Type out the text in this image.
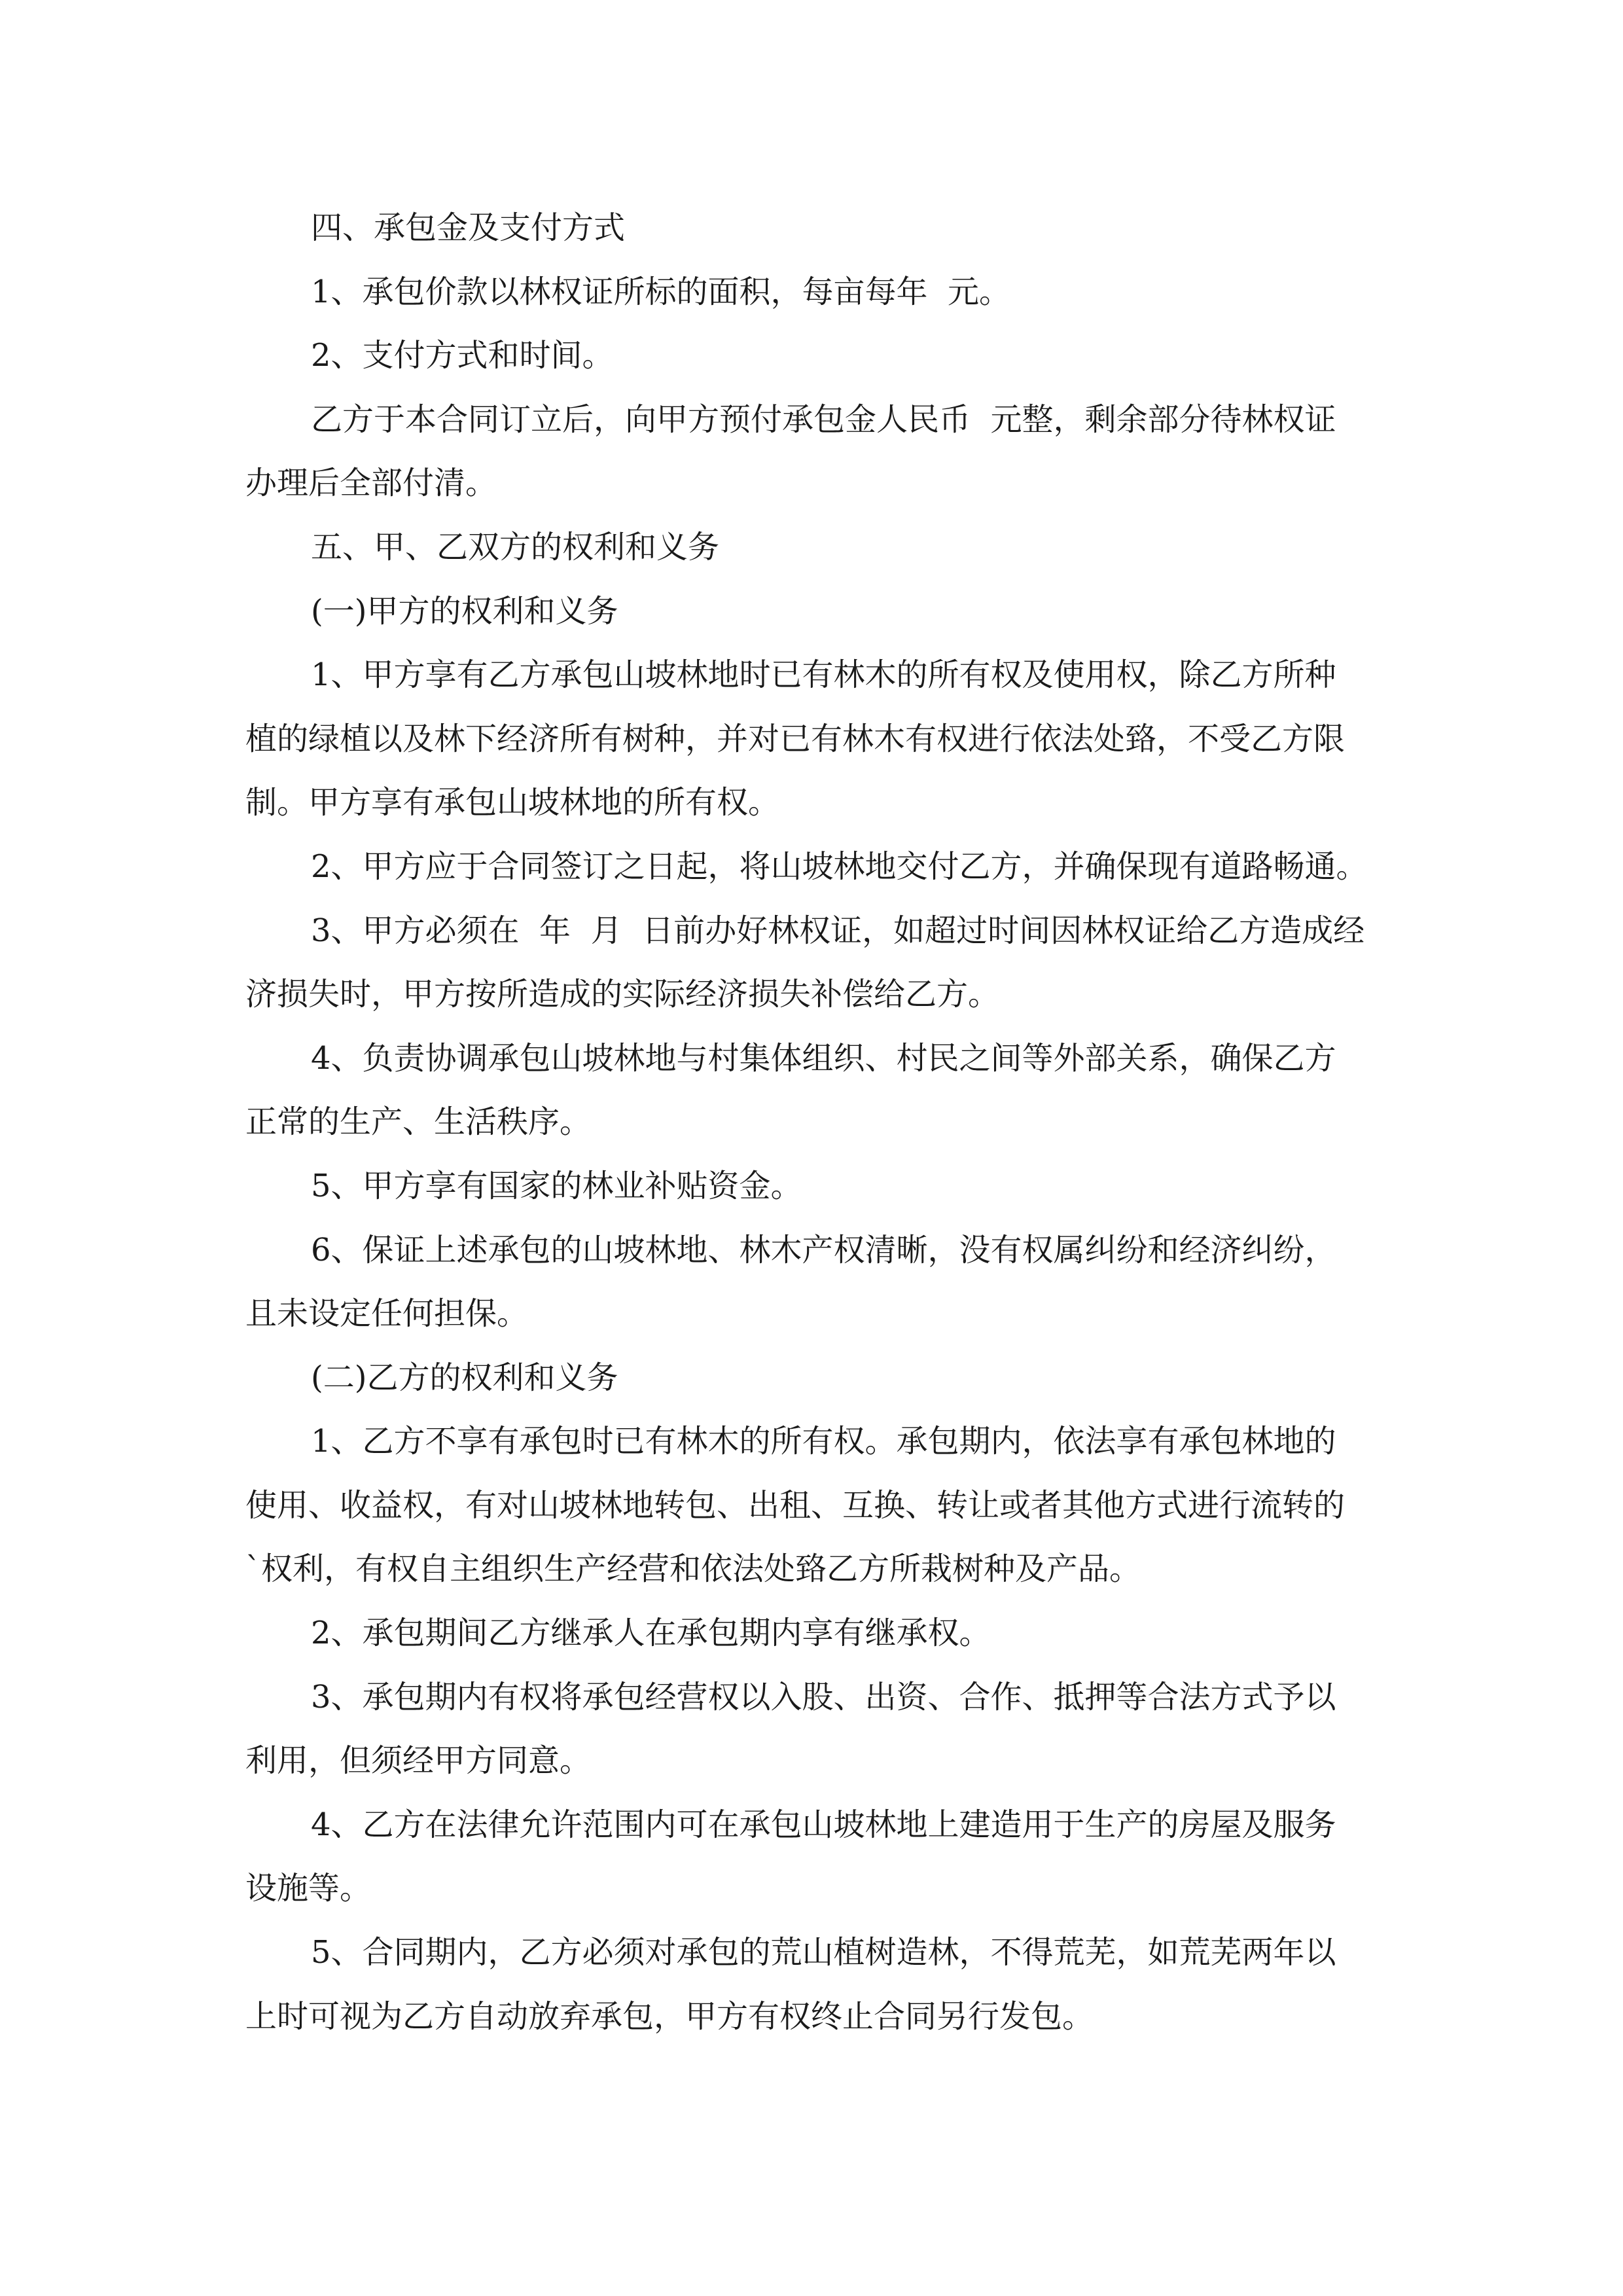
四、承包金及支付方式
1、承包价款以林权证所标的面积，每亩每年  元。
2、支付方式和时间。
乙方于本合同订立后，向甲方预付承包金人民币  元整，剩余部分待林权证
办理后全部付清。
五、甲、乙双方的权利和义务
(一)甲方的权利和义务
1、甲方享有乙方承包山坡林地时已有林木的所有权及使用权，除乙方所种
植的绿植以及林下经济所有树种，并对已有林木有权进行依法处臵，不受乙方限
制。甲方享有承包山坡林地的所有权。
2、甲方应于合同签订之日起，将山坡林地交付乙方，并确保现有道路畅通。
3、甲方必须在  年  月  日前办好林权证，如超过时间因林权证给乙方造成经
济损失时，甲方按所造成的实际经济损失补偿给乙方。
4、负责协调承包山坡林地与村集体组织、村民之间等外部关系，确保乙方
正常的生产、生活秩序。
5、甲方享有国家的林业补贴资金。
6、保证上述承包的山坡林地、林木产权清晰，没有权属纠纷和经济纠纷，
且未设定任何担保。
(二)乙方的权利和义务
1、乙方不享有承包时已有林木的所有权。承包期内，依法享有承包林地的
使用、收益权，有对山坡林地转包、出租、互换、转让或者其他方式进行流转的
`权利，有权自主组织生产经营和依法处臵乙方所栽树种及产品。
2、承包期间乙方继承人在承包期内享有继承权。
3、承包期内有权将承包经营权以入股、出资、合作、抵押等合法方式予以
利用，但须经甲方同意。
4、乙方在法律允许范围内可在承包山坡林地上建造用于生产的房屋及服务
设施等。
5、合同期内，乙方必须对承包的荒山植树造林，不得荒芜，如荒芜两年以
上时可视为乙方自动放弃承包，甲方有权终止合同另行发包。
